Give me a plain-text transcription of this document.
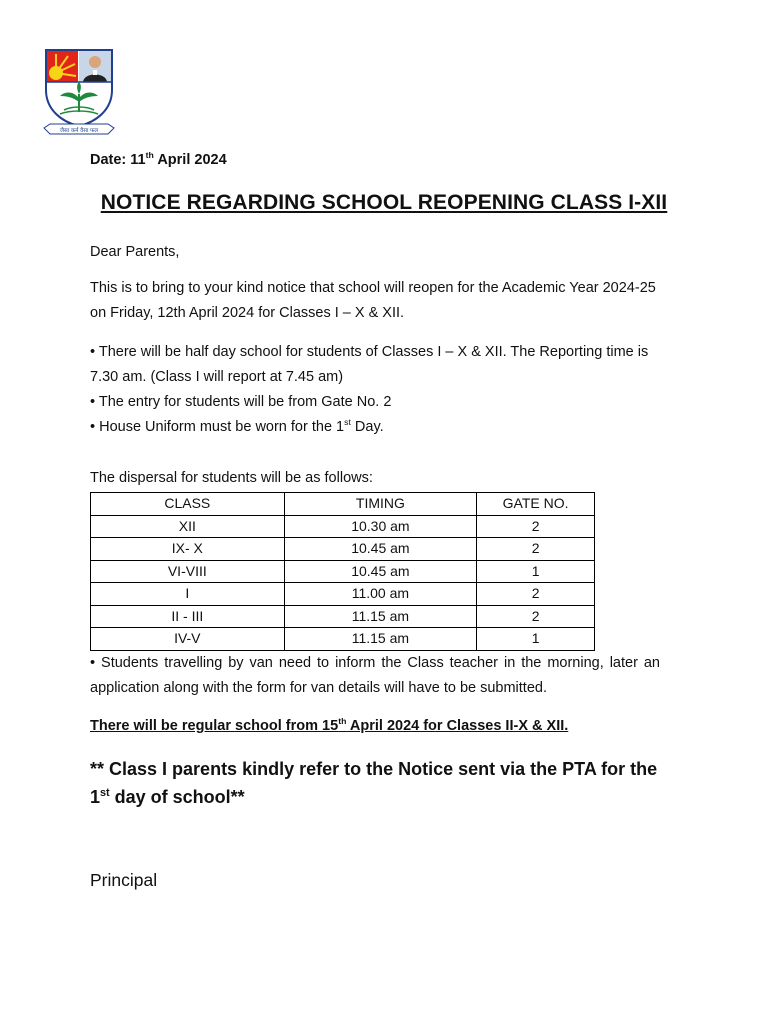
जैसा कर्म वैसा फल
Date: 11th April 2024
NOTICE REGARDING SCHOOL REOPENING CLASS I-XII
Dear Parents,
This is to bring to your kind notice that school will reopen for the Academic Year 2024-25 on Friday, 12th April 2024 for Classes I – X & XII.
• There will be half day school for students of Classes I – X & XII. The Reporting time is 7.30 am. (Class I will report at 7.45 am)
• The entry for students will be from Gate No. 2
• House Uniform must be worn for the 1st Day.
The dispersal for students will be as follows:
CLASS	TIMING	GATE NO.
XII	10.30 am	2
IX- X	10.45 am	2
VI-VIII	10.45 am	1
I	11.00 am	2
II - III	11.15 am	2
IV-V	11.15 am	1
• Students travelling by van need to inform the Class teacher in the morning, later an application along with the form for van details will have to be submitted.
There will be regular school from 15th April 2024 for Classes II-X & XII.
** Class I parents kindly refer to the Notice sent via the PTA for the 1st day of school**
Principal
